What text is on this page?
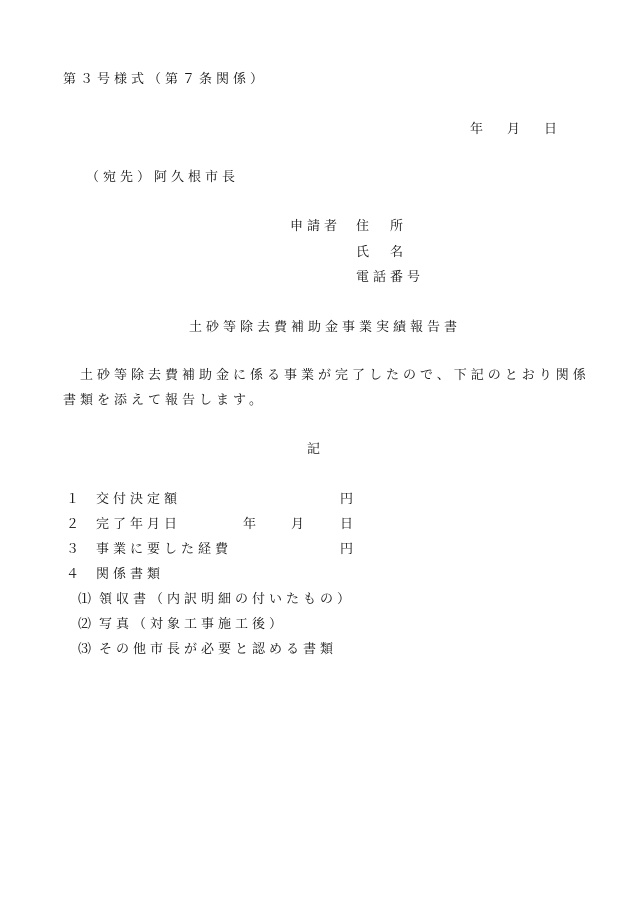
第３号様式（第７条関係）
年 月 日
（宛先）阿久根市長
申請者 住　所
氏　名
電話番号
土砂等除去費補助金事業実績報告書
土砂等除去費補助金に係る事業が完了したので、下記のとおり関係
書類を添えて報告します。
記
１ 交付決定額	円
２ 完了年月日	年 月 日
３ 事業に要した経費	円
４ 関係書類
⑴ 領収書（内訳明細の付いたもの）
⑵ 写真（対象工事施工後）
⑶ その他市長が必要と認める書類
